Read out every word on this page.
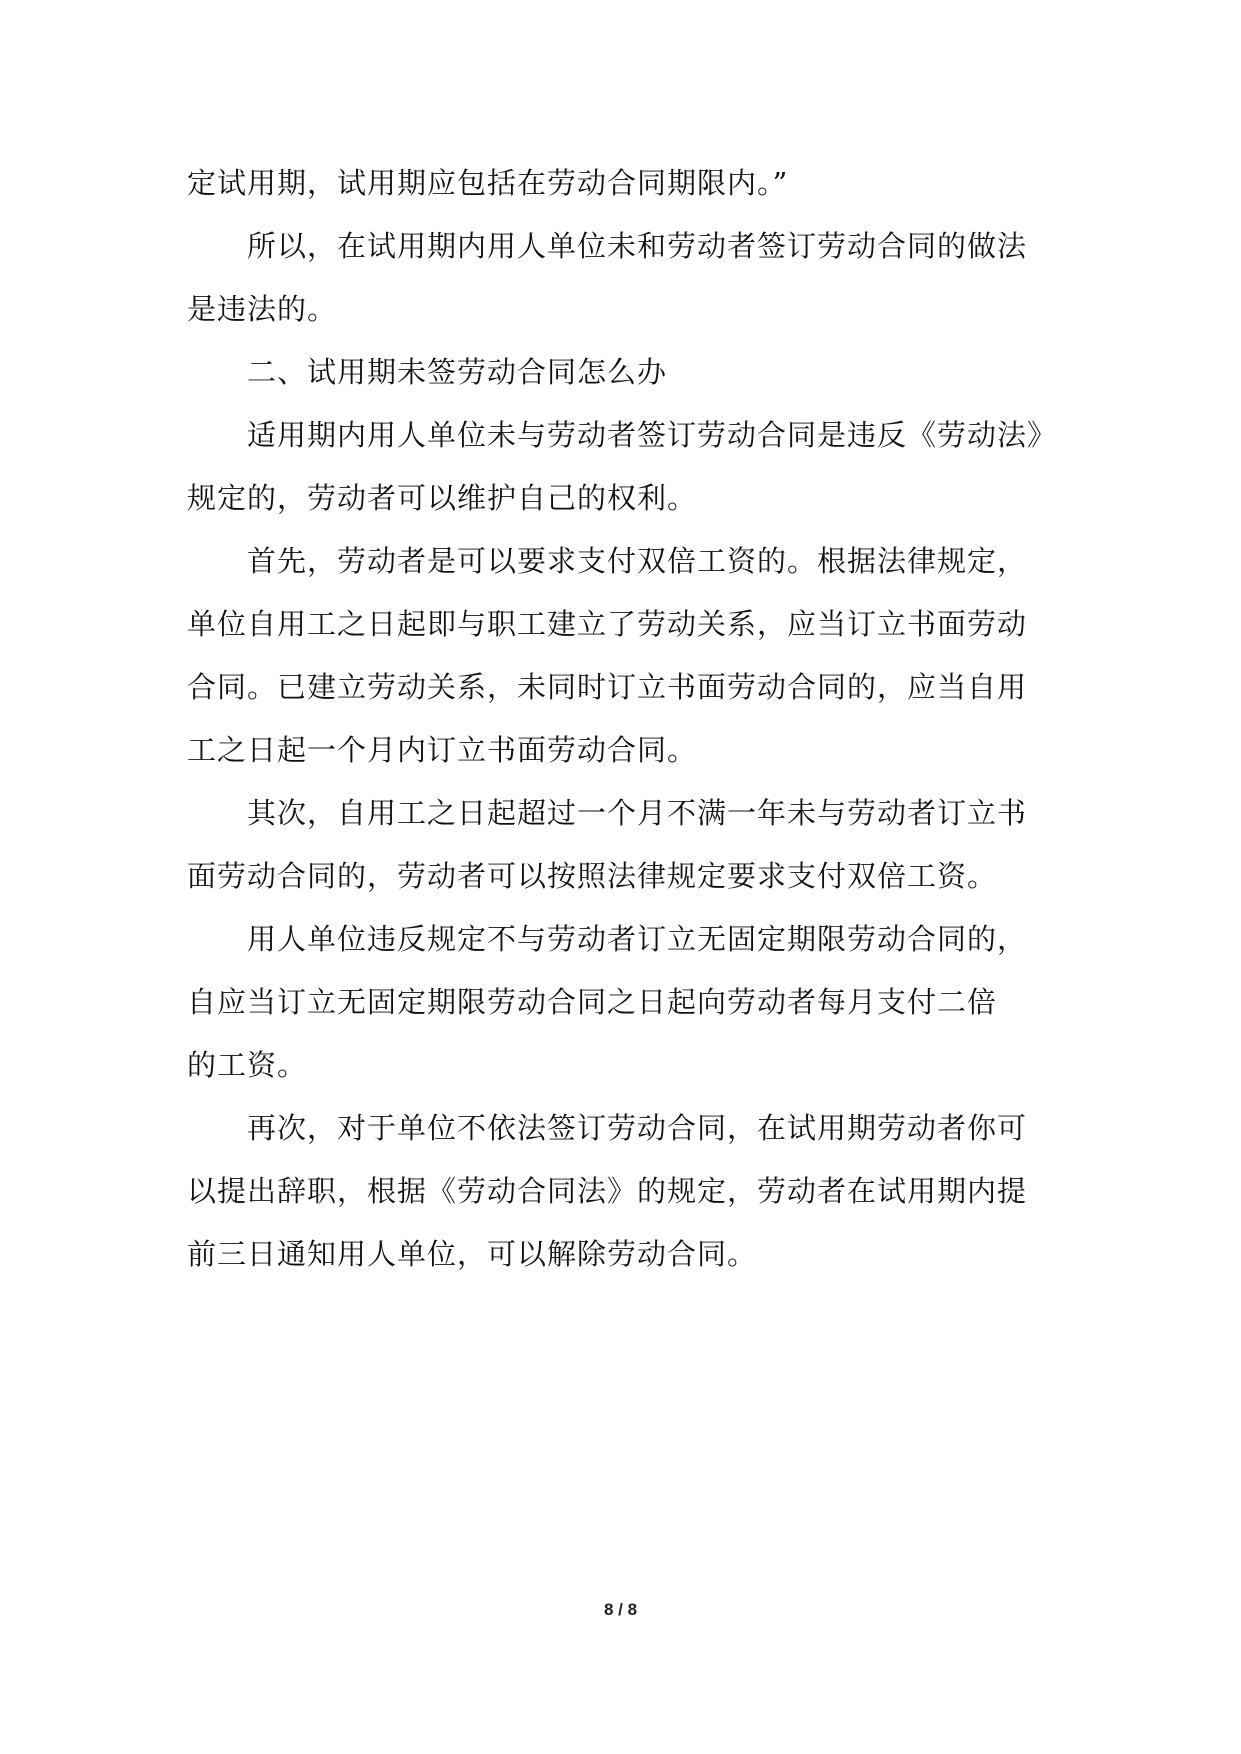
定试用期，试用期应包括在劳动合同期限内。”
所以，在试用期内用人单位未和劳动者签订劳动合同的做法
是违法的。
二、试用期未签劳动合同怎么办
适用期内用人单位未与劳动者签订劳动合同是违反《劳动法》
规定的，劳动者可以维护自己的权利。
首先，劳动者是可以要求支付双倍工资的。根据法律规定，
单位自用工之日起即与职工建立了劳动关系，应当订立书面劳动
合同。已建立劳动关系，未同时订立书面劳动合同的，应当自用
工之日起一个月内订立书面劳动合同。
其次，自用工之日起超过一个月不满一年未与劳动者订立书
面劳动合同的，劳动者可以按照法律规定要求支付双倍工资。
用人单位违反规定不与劳动者订立无固定期限劳动合同的，
自应当订立无固定期限劳动合同之日起向劳动者每月支付二倍
的工资。
再次，对于单位不依法签订劳动合同，在试用期劳动者你可
以提出辞职，根据《劳动合同法》的规定，劳动者在试用期内提
前三日通知用人单位，可以解除劳动合同。
8 / 8
